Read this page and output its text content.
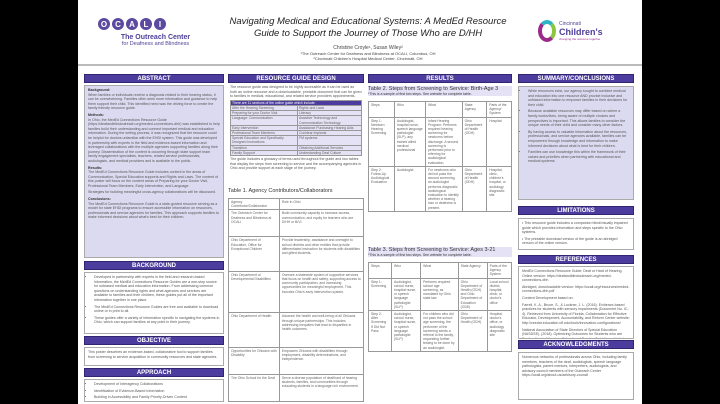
O	C	A	L	I
The Outreach Center
for Deafness and Blindness
Navigating Medical and Educational Systems: A MedEd Resource Guide to Support the Journey of Those Who are D/HH
Christine Croyle¹, Susan Wiley²
¹The Outreach Center for Deafness and Blindness at OCALI, Columbus, OH
²Cincinnati Children's Hospital Medical Center, Cincinnati, OH
Cincinnati
Children's
changing the outcome together
ABSTRACT

Background:
When families or individuals receive a diagnosis related to their hearing status, it can be overwhelming. Families often seek more information and guidance to help them support their child. This identified need was the driving force to create the family friendly resource guide.

Methods:
In Ohio, the MedEd Connections Resource Guide (https://deafandblindoutreach.org/meded-connections-dhh) was established to help families build their understanding and connect important medical and education information. During the writing process, it was recognized that the resource could be helpful for doctors unfamiliar with the EHDI system. This guide was developed in partnership with experts in the field and evidence-based information and leveraged collaborations with the multiple agencies supporting families along their journey. Dissemination of the content is occurring through state support team family engagement specialists, teachers, related service professionals, audiologists, and medical providers and is available to the public.

Results:
The MedEd Connections Resource Guide includes content in the areas of Communication, Special Education supports and Rights and Laws. The content of this poster will focus on the content areas of Preparing for your Doctor Visit, Professional Team Members, Early Intervention, and Language.

Strategies for building meaningful cross-agency collaborations will be discussed.

Conclusions:
The MedEd Connections Resource Guide is a state-guided resource serving as a model for state EHDI programs to ensure accessible information on resources, professionals and service agencies for families. This approach supports families to make informed decisions about what's best for their children.

BACKGROUND
• Developed in partnership with experts in the field and research-based information, the MedEd Connections Resource Guides are a one-stop source for unbiased medical and education information. From addressing common questions on understanding rights and what agencies and services are available to families and their children, these guides put all of the important information together in one place.
• The MedEd Connections Resource Guides are free and available to download online or in print to all.
• These guides offer a variety of information specific to navigating the systems in Ohio, which can support families at any point in their journey.
OBJECTIVE
This poster describes an evidence-based, collaborative tool to support families from screening to service acquisition in community resources and state agencies.
APPROACH
• Development of Interagency Collaborations
• Identification of Evidence-Based Information
• Building in Accessibility and Family Priority-Driven Content
RESOURCE GUIDE DESIGN

The resource guide was designed to be highly accessible as it can be used as both an online resource and a downloadable, printable document that can be given to families in medical, educational, and related service providers appointments.

There are 11 sections of the online guide which include:	
After the Hearing Screening	Rights and Laws
Preparing for your Doctor Visit	Literacy
Language: Communication	Assistive Technology and Communication Technology
Early Intervention	Assistance Purchasing Hearing Aids
Professional Team Members	Cochlear Implants
Special Education and Specifically Designed Instructions	FM systems
Transition	Obtaining Additional Services
Family Support	Understanding Deaf Culture

The guide includes a glossary of terms used throughout the guide and two tables that display the steps from screening to service and the accompanying agencies in Ohio and provide support at each stage of the journey.

Table 1. Agency Contributors/Collaborators
Agency Contributor/Collaborator	Role in Ohio
The Outreach Center for Deafness and Blindness at OCALI	Build community capacity to increase access, communication, and equity for learners who are D/HH or B/VI.
Ohio Department of Education, Office for Exceptional Children	Provide leadership, assistance and oversight to school districts and other entities that provide differentiated instruction for students with disabilities and gifted students.
Ohio Department of Developmental Disabilities	Oversee a statewide system of supportive services that focus on health and safety, supporting access to community participation, and increasing opportunities for meaningful employment. This includes Ohio's early intervention system.
Ohio Department of Health	Advance the health and well-being of all Ohioans through unique partnerships. This includes addressing inequities that lead to disparities in health outcomes.
Opportunities for Ohioans with Disability	Empowers Ohioans with disabilities through employment, disability determinations, and independence.
The Ohio School for the Deaf	Serve a diverse population of deaf/hard of hearing students, families, and communities through educating students in a language rich environment.
RESULTS
Table 2. Steps from Screening to Service: Birth-Age 3
*This is a sample of first two steps. See website for complete table.
Steps	Who	What	State Agency	Parts of the Agency/ System
Step 1: Newborn Hearing Screening	Audiologist, hospital nurse, speech language pathologist (SLP), any trained allied medical professional	Infant Hearing Program: Performs required hearing screening for newborns before discharge. A second screening is performed prior to referring for audiological evaluation.	Ohio Department of Health (ODH)	Hospital
Step 2: Follow-Up Audiological Evaluation	Audiologist	For newborns who did not pass the second screening, an audiologist performs diagnostic audiological evaluation to identify whether a hearing loss or deafness is present.	Ohio Department of Health (ODH)	Hospital, clinic, children's hospital, or audiology diagnostic site
Table 3. Steps from Screening to Service: Ages 3-21
*This is a sample of first two steps. See website for complete table.
Steps	Who	What	State Agency	Parts of the Agency System
Step 1: Screening	Audiologist, school nurse, hospital nurse, or speech language pathologist (SLP)	Performs required school age screening, as mandated by Ohio state law.	Ohio Department of Health (ODH) and Ohio Department of Education (ODE)	Local school district, hospital, clinic, or doctor's office
Step 2: After Screening If Did Not Pass	Audiologist, school nurse, hospital nurse, or speech language pathologist (SLP)	For children who did not pass the school age screening, the performer of the screening sends a referral to the family, requesting further testing to be done by an audiologist.	Ohio Department of Health (ODH)	Hospital, doctor's office, or audiology diagnostic site
SUMMARY/CONCLUSIONS
• While resources exist, our agency sought to combine medical and education into one resource AND provide inclusive and unbiased information to empower families in their decisions for their child.
• Because available resources may differ based on where a family works/lives, being aware of multiple choices and perspectives is important. This allows families to consider the unique needs of their child and consider many other factors.
• By having access to valuable information about the resources, professionals, and service agencies available, families can be empowered through knowledge and information to make informed decisions about what is best for their children.
• Families can use knowledge this within the framework of their values and priorities when partnering with educational and medical systems.
LIMITATIONS

• This resource guide includes a companion blind/visually impaired guide which provides information and steps specific to the Ohio systems.

• The printable download version of the guide is an abridged version of the online version.

REFERENCES

MedEd Connections Resource Guide: Deaf or Hard of Hearing. Online version: https://deafandblindoutreach.org/meded-connections-dhh

Abridged, downloadable version: https://ocali.org/resources/meded-connections-dhh.pdf

Content Development based on:

Farrell, K. A., Bruce, S., & Luckner, J. L. (2016). Evidence-based practices for students with sensory impairments (Document No. IC-4). Retrieved from University of Florida, Collaboration for Effective Educator, Development, Accountability, and Reform Center website: http://ceedar.education.ufl.edu/tools/innovation-configurations/

National Association of State Directors of Special Education (NASDSE). (2018). Optimizing Outcomes for Students who are Deaf or Hard of Hearing: Educational Service Guidelines. United:

ACKNOWLEDGMENTS
Numerous networks of professionals across Ohio, including family members, teachers of the deaf, audiologists, speech language pathologists, parent mentors, interpreters, audiologists, and advisory council members of the Outreach Center https://ocali.org/about-us/advisory-council
